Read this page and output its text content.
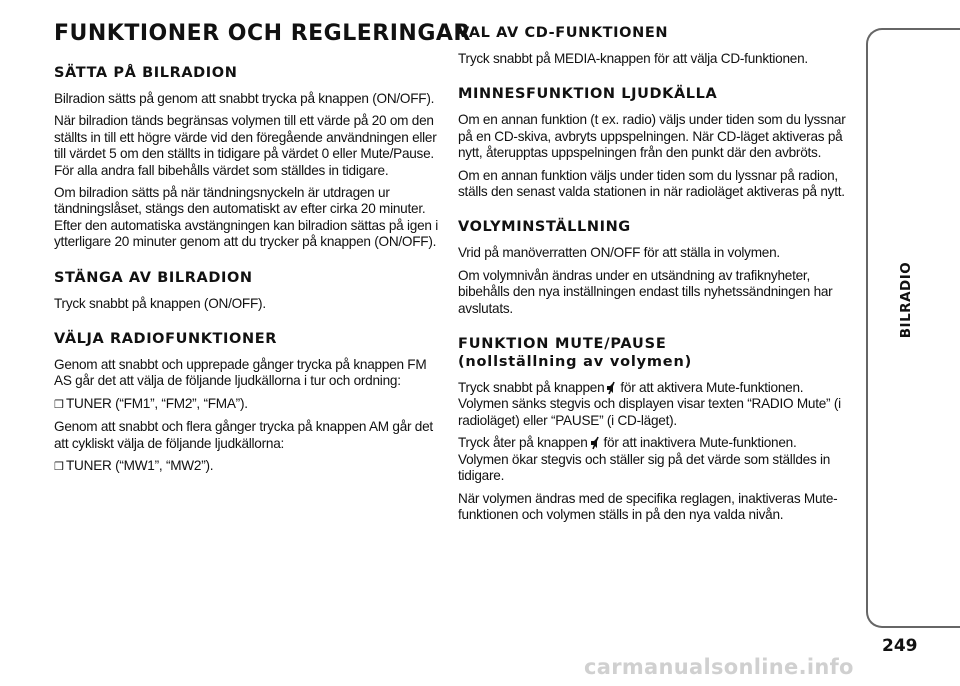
FUNKTIONER OCH REGLERINGAR
SÄTTA PÅ BILRADION

Bilradion sätts på genom att snabbt trycka på knappen (ON/OFF).

När bilradion tänds begränsas volymen till ett värde på 20 om den ställts in till ett högre värde vid den föregående användningen eller till värdet 5 om den ställts in tidigare på värdet 0 eller Mute/Pause. För alla andra fall bibehålls värdet som ställdes in tidigare.

Om bilradion sätts på när tändningsnyckeln är utdragen ur tändningslåset, stängs den automatiskt av efter cirka 20 minuter. Efter den automatiska avstängningen kan bilradion sättas på igen i ytterligare 20 minuter genom att du trycker på knappen (ON/OFF).

STÄNGA AV BILRADION

Tryck snabbt på knappen (ON/OFF).

VÄLJA RADIOFUNKTIONER

Genom att snabbt och upprepade gånger trycka på knappen FM AS går det att välja de följande ljudkällorna i tur och ordning:

❒ TUNER (“FM1”, “FM2”, “FMA”).

Genom att snabbt och flera gånger trycka på knappen AM går det att cykliskt välja de följande ljudkällorna:

❒ TUNER (“MW1”, “MW2”).

VAL AV CD-FUNKTIONEN

Tryck snabbt på MEDIA-knappen för att välja CD-funktionen.

MINNESFUNKTION LJUDKÄLLA

Om en annan funktion (t ex. radio) väljs under tiden som du lyssnar på en CD-skiva, avbryts uppspelningen. När CD-läget aktiveras på nytt, återupptas uppspelningen från den punkt där den avbröts.

Om en annan funktion väljs under tiden som du lyssnar på radion, ställs den senast valda stationen in när radioläget aktiveras på nytt.

VOLYMINSTÄLLNING

Vrid på manöverratten ON/OFF för att ställa in volymen.

Om volymnivån ändras under en utsändning av trafiknyheter, bibehålls den nya inställningen endast tills nyhetssändningen har avslutats.

FUNKTION MUTE/PAUSE
(nollställning av volymen)

Tryck snabbt på knappen för att aktivera Mute-funktionen. Volymen sänks stegvis och displayen visar texten “RADIO Mute” (i radioläget) eller “PAUSE” (i CD-läget).

Tryck åter på knappen för att inaktivera Mute-funktionen. Volymen ökar stegvis och ställer sig på det värde som ställdes in tidigare.

När volymen ändras med de specifika reglagen, inaktiveras Mute-funktionen och volymen ställs in på den nya valda nivån.

BILRADIO
249
carmanualsonline.info
